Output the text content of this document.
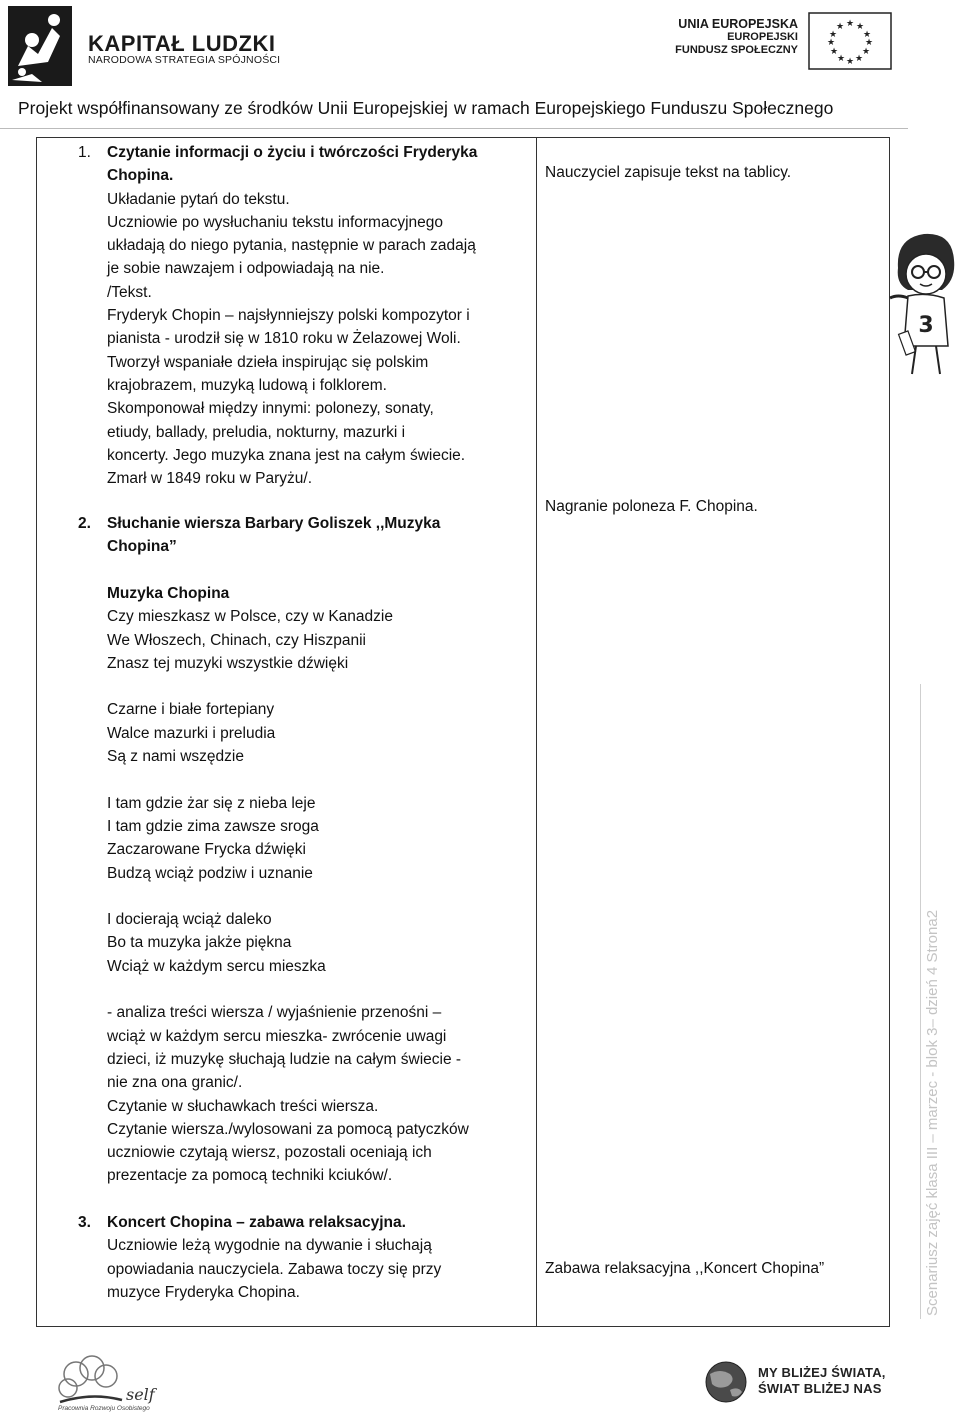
KAPITAŁ LUDZKI
NARODOWA STRATEGIA SPÓJNOŚCI
UNIA EUROPEJSKA
EUROPEJSKI
FUNDUSZ SPOŁECZNY
★ ★
★
★
★
★
★
★
★
★
★
★
Projekt współfinansowany ze środków Unii Europejskiej w ramach Europejskiego Funduszu Społecznego
1. Czytanie informacji o życiu i twórczości Fryderyka

Chopina.

Układanie pytań do tekstu.

Uczniowie po wysłuchaniu tekstu informacyjnego

układają do niego pytania, następnie w parach zadają

je sobie nawzajem i odpowiadają na nie.

/Tekst.

Fryderyk Chopin – najsłynniejszy polski kompozytor i

pianista - urodził się w 1810 roku w Żelazowej Woli.

Tworzył wspaniałe dzieła inspirując się polskim

krajobrazem, muzyką ludową i folklorem.

Skomponował między innymi: polonezy, sonaty,

etiudy, ballady, preludia, nokturny, mazurki i

koncerty. Jego muzyka znana jest na całym świecie.

Zmarł w 1849 roku w Paryżu/.

Nauczyciel zapisuje tekst na tablicy.
2. Słuchanie wiersza Barbary Goliszek ,,Muzyka

Chopina”

Nagranie poloneza F. Chopina.

Muzyka Chopina

Czy mieszkasz w Polsce, czy w Kanadzie

We Włoszech, Chinach, czy Hiszpanii

Znasz tej muzyki wszystkie dźwięki

Czarne i białe fortepiany

Walce mazurki i preludia

Są z nami wszędzie

I tam gdzie żar się z nieba leje

I tam gdzie zima zawsze sroga

Zaczarowane Frycka dźwięki

Budzą wciąż podziw i uznanie

I docierają wciąż daleko

Bo ta muzyka jakże piękna

Wciąż w każdym sercu mieszka

- analiza treści wiersza / wyjaśnienie przenośni –

wciąż w każdym sercu mieszka- zwrócenie uwagi

dzieci, iż muzykę słuchają ludzie na całym świecie -

nie zna ona granic/.

Czytanie w słuchawkach treści wiersza.

Czytanie wiersza./wylosowani za pomocą patyczków

uczniowie czytają wiersz, pozostali oceniają ich

prezentacje za pomocą techniki kciuków/.

3. Koncert Chopina – zabawa relaksacyjna.

Uczniowie leżą wygodnie na dywanie i słuchają

opowiadania nauczyciela. Zabawa toczy się przy

muzyce Fryderyka Chopina.

Zabawa relaksacyjna ,,Koncert Chopina”
3
Scenariusz zajęć klasa III – marzec - blok 3– dzień 4 Strona2
self
Pracownia Rozwoju Osobistego
MY BLIŻEJ ŚWIATA,
ŚWIAT BLIŻEJ NAS
